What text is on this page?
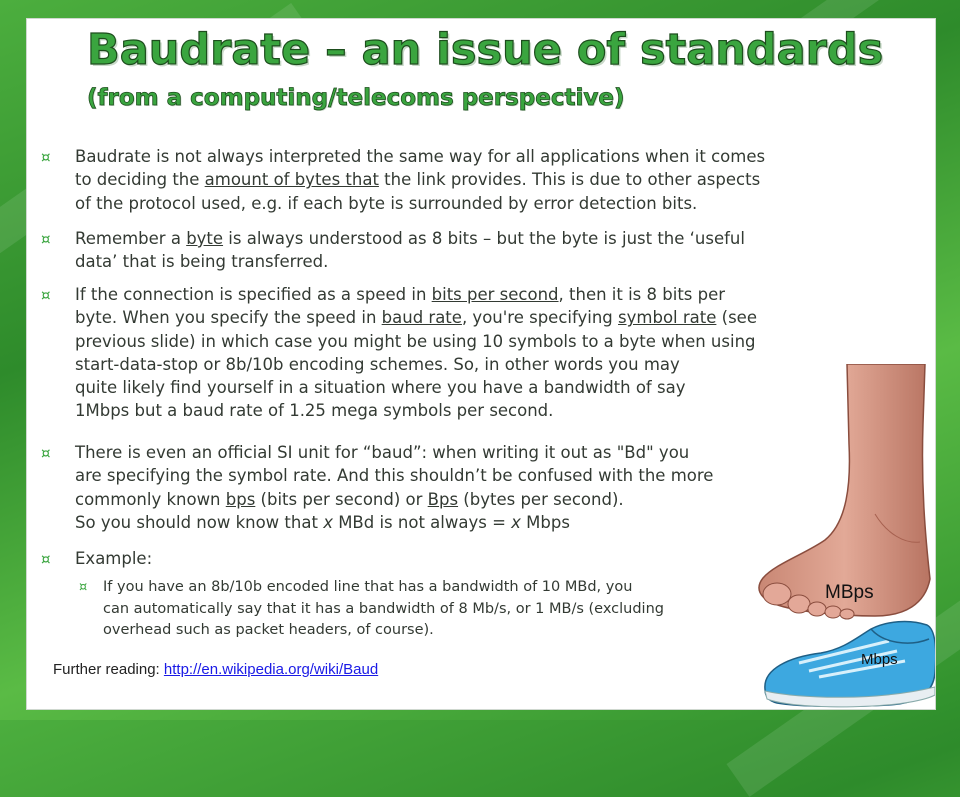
Baudrate – an issue of standards
(from a computing/telecoms perspective)
¤ Baudrate is not always interpreted the same way for all applications when it comes
to deciding the amount of bytes that the link provides. This is due to other aspects
of the protocol used, e.g. if each byte is surrounded by error detection bits.
¤ Remember a byte is always understood as 8 bits – but the byte is just the ‘useful
data’ that is being transferred.
¤ If the connection is specified as a speed in bits per second, then it is 8 bits per
byte. When you specify the speed in baud rate, you're specifying symbol rate (see
previous slide) in which case you might be using 10 symbols to a byte when using
start-data-stop or 8b/10b encoding schemes. So, in other words you may
quite likely find yourself in a situation where you have a bandwidth of say
1Mbps but a baud rate of 1.25 mega symbols per second.
¤ There is even an official SI unit for “baud”: when writing it out as "Bd" you
are specifying the symbol rate. And this shouldn’t be confused with the more
commonly known bps (bits per second) or Bps (bytes per second).
So you should now know that x MBd is not always = x Mbps
¤ Example:
¤ If you have an 8b/10b encoded line that has a bandwidth of 10 MBd, you
can automatically say that it has a bandwidth of 8 Mb/s, or 1 MB/s (excluding
overhead such as packet headers, of course).
Further reading: http://en.wikipedia.org/wiki/Baud
MBps
Mbps
